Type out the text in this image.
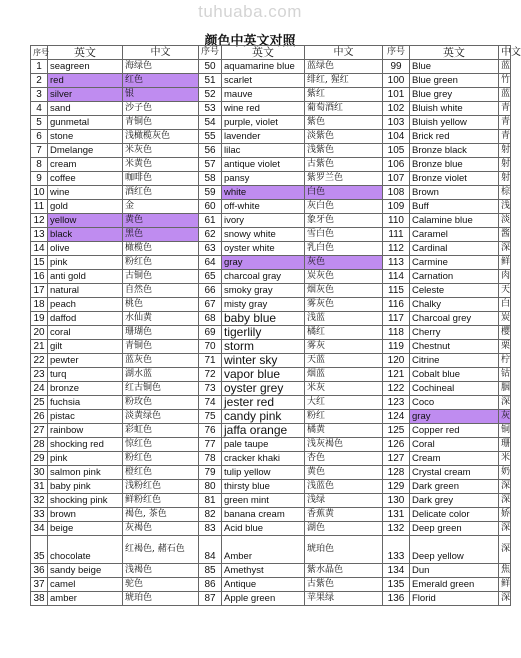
tuhuaba.com
颜色中英文对照
序号	英文	中文	序号	英文	中文	序号	英文	中文
1	seagreen	海绿色	50	aquamarine blue	蓝绿色	99	Blue	蓝
2	red	红色	51	scarlet	绯红, 猩红	100	Blue green	竹
3	silver	银	52	mauve	紫红	101	Blue grey	蓝
4	sand	沙子色	53	wine red	葡萄酒红	102	Bluish white	青
5	gunmetal	青铜色	54	purple, violet	紫色	103	Bluish yellow	青
6	stone	浅橄榄灰色	55	lavender	淡紫色	104	Brick red	青
7	Dmelange	米灰色	56	lilac	浅紫色	105	Bronze black	射
8	cream	米黄色	57	antique violet	古紫色	106	Bronze blue	射
9	coffee	咖啡色	58	pansy	紫罗兰色	107	Bronze violet	射
10	wine	酒红色	59	white	白色	108	Brown	棕
11	gold	金	60	off-white	灰白色	109	Buff	浅
12	yellow	黄色	61	ivory	象牙色	110	Calamine blue	淡
13	black	黑色	62	snowy white	雪白色	111	Caramel	酱
14	olive	橄榄色	63	oyster white	乳白色	112	Cardinal	深
15	pink	粉红色	64	gray	灰色	113	Carmine	鲜
16	anti gold	古铜色	65	charcoal gray	炭灰色	114	Carnation	肉
17	natural	自然色	66	smoky gray	烟灰色	115	Celeste	天
18	peach	桃色	67	misty gray	雾灰色	116	Chalky	白
19	daffod	水仙黄	68	baby blue	浅蓝	117	Charcoal grey	炭
20	coral	珊瑚色	69	tigerlily	橘红	118	Cherry	樱
21	gilt	青铜色	70	storm	雾灰	119	Chestnut	栗
22	pewter	蓝灰色	71	winter sky	天蓝	120	Citrine	柠
23	turq	湖水蓝	72	vapor blue	烟蓝	121	Cobalt blue	钴
24	bronze	红古铜色	73	oyster grey	米灰	122	Cochineal	胭
25	fuchsia	粉玫色	74	jester red	大红	123	Coco	深
26	pistac	淡黄绿色	75	candy pink	粉红	124	gray	灰
27	rainbow	彩虹色	76	jaffa orange	橘黄	125	Copper red	铜
28	shocking red	惊红色	77	pale taupe	浅灰褐色	126	Coral	珊
29	pink	粉红色	78	cracker khaki	杏色	127	Cream	米
30	salmon pink	橙红色	79	tulip yellow	黄色	128	Crystal cream	奶
31	baby pink	浅粉红色	80	thirsty blue	浅蓝色	129	Dark green	深
32	shocking pink	鲜粉红色	81	green mint	浅绿	130	Dark grey	深
33	brown	褐色, 茶色	82	banana cream	香蕉黄	131	Delicate color	娇
34	beige	灰褐色	83	Acid blue	湖色	132	Deep green	深
35	chocolate	红褐色, 赭石色	84	Amber	琥珀色	133	Deep yellow	深
36	sandy beige	浅褐色	85	Amethyst	紫水晶色	134	Dun	焦
37	camel	驼色	86	Antique	古紫色	135	Emerald green	鲜
38	amber	琥珀色	87	Apple green	苹果绿	136	Florid	深
